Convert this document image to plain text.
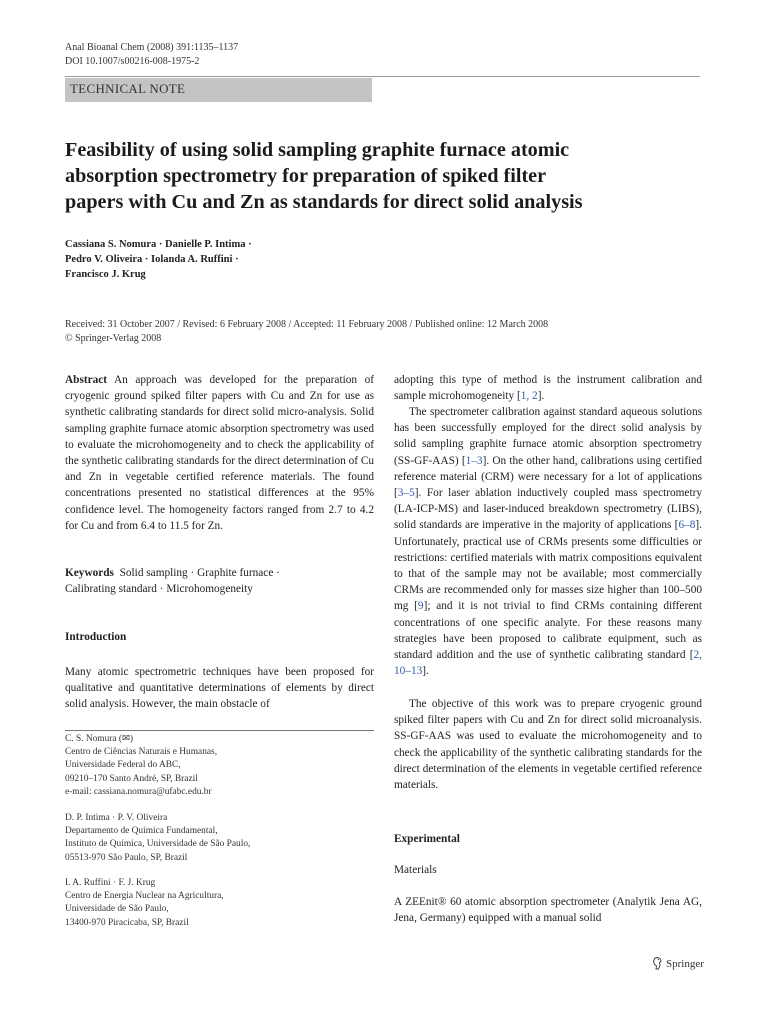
Anal Bioanal Chem (2008) 391:1135–1137
DOI 10.1007/s00216-008-1975-2
TECHNICAL NOTE
Feasibility of using solid sampling graphite furnace atomic
absorption spectrometry for preparation of spiked filter
papers with Cu and Zn as standards for direct solid analysis
Cassiana S. Nomura · Danielle P. Intima ·
Pedro V. Oliveira · Iolanda A. Ruffini ·
Francisco J. Krug
Received: 31 October 2007 / Revised: 6 February 2008 / Accepted: 11 February 2008 / Published online: 12 March 2008
© Springer-Verlag 2008
Abstract An approach was developed for the preparation of cryogenic ground spiked filter papers with Cu and Zn for use as synthetic calibrating standards for direct solid micro-analysis. Solid sampling graphite furnace atomic absorption spectrometry was used to evaluate the microhomogeneity and to check the applicability of the synthetic calibrating standards for the direct determination of Cu and Zn in vegetable certified reference materials. The found concentrations presented no statistical differences at the 95% confidence level. The homogeneity factors ranged from 2.7 to 4.2 for Cu and from 6.4 to 11.5 for Zn.
Keywords Solid sampling · Graphite furnace ·
Calibrating standard · Microhomogeneity
Introduction
Many atomic spectrometric techniques have been proposed for qualitative and quantitative determinations of elements by direct solid analysis. However, the main obstacle of
C. S. Nomura (✉)
Centro de Ciências Naturais e Humanas,
Universidade Federal do ABC,
09210–170 Santo André, SP, Brazil
e-mail: cassiana.nomura@ufabc.edu.br
D. P. Intima · P. V. Oliveira
Departamento de Química Fundamental,
Instituto de Química, Universidade de São Paulo,
05513-970 São Paulo, SP, Brazil
I. A. Ruffini · F. J. Krug
Centro de Energia Nuclear na Agricultura,
Universidade de São Paulo,
13400-970 Piracicaba, SP, Brazil
adopting this type of method is the instrument calibration and sample microhomogeneity [1, 2].
The spectrometer calibration against standard aqueous solutions has been successfully employed for the direct solid analysis by solid sampling graphite furnace atomic absorption spectrometry (SS-GF-AAS) [1–3]. On the other hand, calibrations using certified reference material (CRM) were necessary for a lot of applications [3–5]. For laser ablation inductively coupled mass spectrometry (LA-ICP-MS) and laser-induced breakdown spectrometry (LIBS), solid standards are imperative in the majority of applications [6–8]. Unfortunately, practical use of CRMs presents some difficulties or restrictions: certified materials with matrix compositions equivalent to that of the sample may not be available; most commercially CRMs are recommended only for masses size higher than 100–500 mg [9]; and it is not trivial to find CRMs containing different concentrations of one specific analyte. For these reasons many strategies have been proposed to calibrate equipment, such as standard addition and the use of synthetic calibrating standard [2, 10–13].
The objective of this work was to prepare cryogenic ground spiked filter papers with Cu and Zn for direct solid microanalysis. SS-GF-AAS was used to evaluate the microhomogeneity and to check the applicability of the synthetic calibrating standards for the direct determination of the elements in vegetable certified reference materials.
Experimental
Materials
A ZEEnit® 60 atomic absorption spectrometer (Analytik Jena AG, Jena, Germany) equipped with a manual solid
Springer
